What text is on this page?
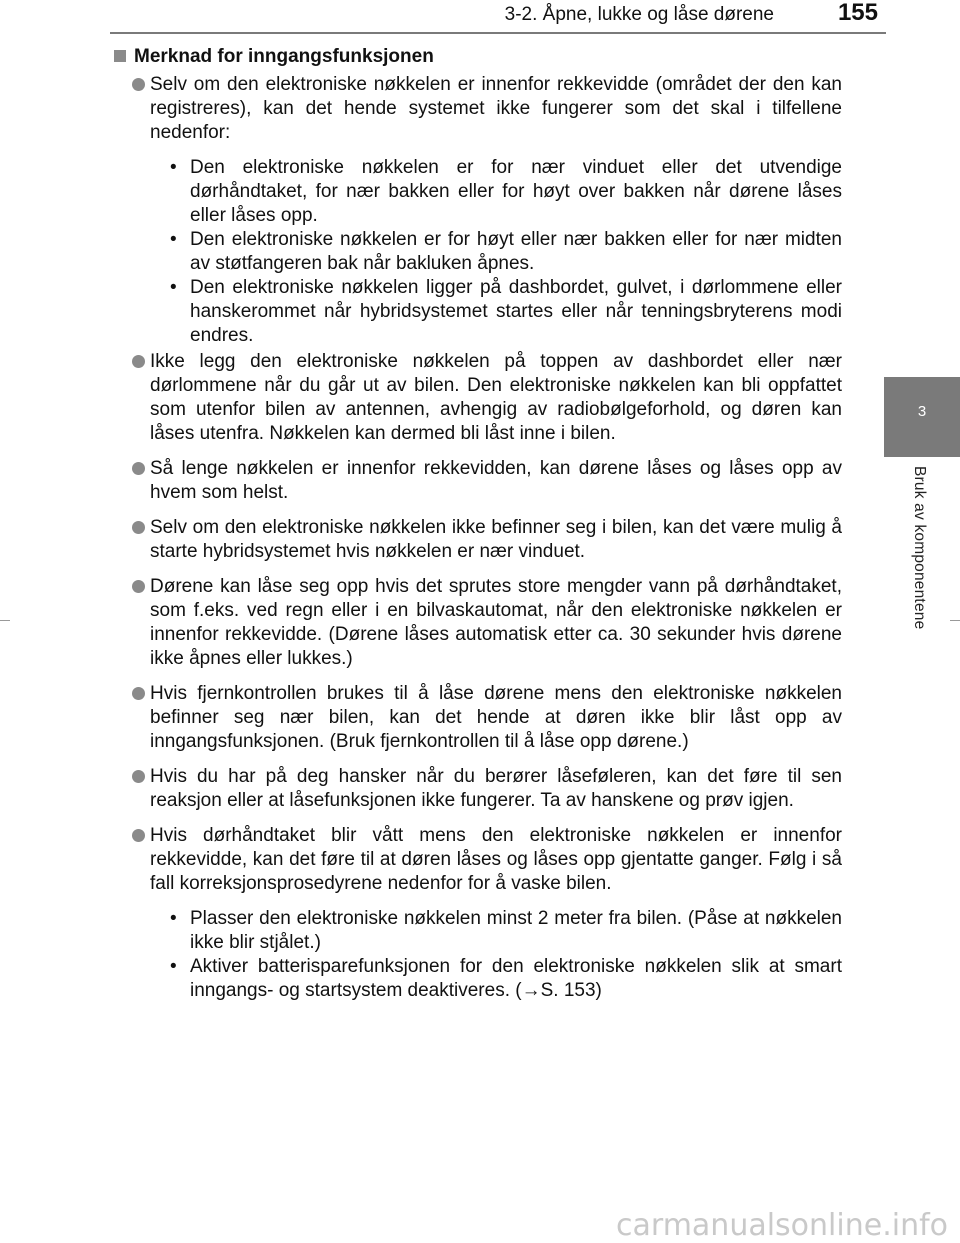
3-2. Åpne, lukke og låse dørene	155
3
Bruk av komponentene
Merknad for inngangsfunksjonen
Selv om den elektroniske nøkkelen er innenfor rekkevidde (området der den kan registreres), kan det hende systemet ikke fungerer som det skal i tilfellene nedenfor:
• Den elektroniske nøkkelen er for nær vinduet eller det utvendige dørhåndtaket, for nær bakken eller for høyt over bakken når dørene låses eller låses opp.
• Den elektroniske nøkkelen er for høyt eller nær bakken eller for nær midten av støtfangeren bak når bakluken åpnes.
• Den elektroniske nøkkelen ligger på dashbordet, gulvet, i dørlommene eller hanskerommet når hybridsystemet startes eller når tenningsbryterens modi endres.
Ikke legg den elektroniske nøkkelen på toppen av dashbordet eller nær dørlommene når du går ut av bilen. Den elektroniske nøkkelen kan bli oppfattet som utenfor bilen av antennen, avhengig av radiobølgeforhold, og døren kan låses utenfra. Nøkkelen kan dermed bli låst inne i bilen.
Så lenge nøkkelen er innenfor rekkevidden, kan dørene låses og låses opp av hvem som helst.
Selv om den elektroniske nøkkelen ikke befinner seg i bilen, kan det være mulig å starte hybridsystemet hvis nøkkelen er nær vinduet.
Dørene kan låse seg opp hvis det sprutes store mengder vann på dørhåndtaket, som f.eks. ved regn eller i en bilvaskautomat, når den elektroniske nøkkelen er innenfor rekkevidde. (Dørene låses automatisk etter ca. 30 sekunder hvis dørene ikke åpnes eller lukkes.)
Hvis fjernkontrollen brukes til å låse dørene mens den elektroniske nøkkelen befinner seg nær bilen, kan det hende at døren ikke blir låst opp av inngangsfunksjonen. (Bruk fjernkontrollen til å låse opp dørene.)
Hvis du har på deg hansker når du berører låseføleren, kan det føre til sen reaksjon eller at låsefunksjonen ikke fungerer. Ta av hanskene og prøv igjen.
Hvis dørhåndtaket blir vått mens den elektroniske nøkkelen er innenfor rekkevidde, kan det føre til at døren låses og låses opp gjentatte ganger. Følg i så fall korreksjonsprosedyrene nedenfor for å vaske bilen.
• Plasser den elektroniske nøkkelen minst 2 meter fra bilen. (Påse at nøkkelen ikke blir stjålet.)
• Aktiver batterisparefunksjonen for den elektroniske nøkkelen slik at smart inngangs- og startsystem deaktiveres. (→S. 153)
carmanualsonline.info
